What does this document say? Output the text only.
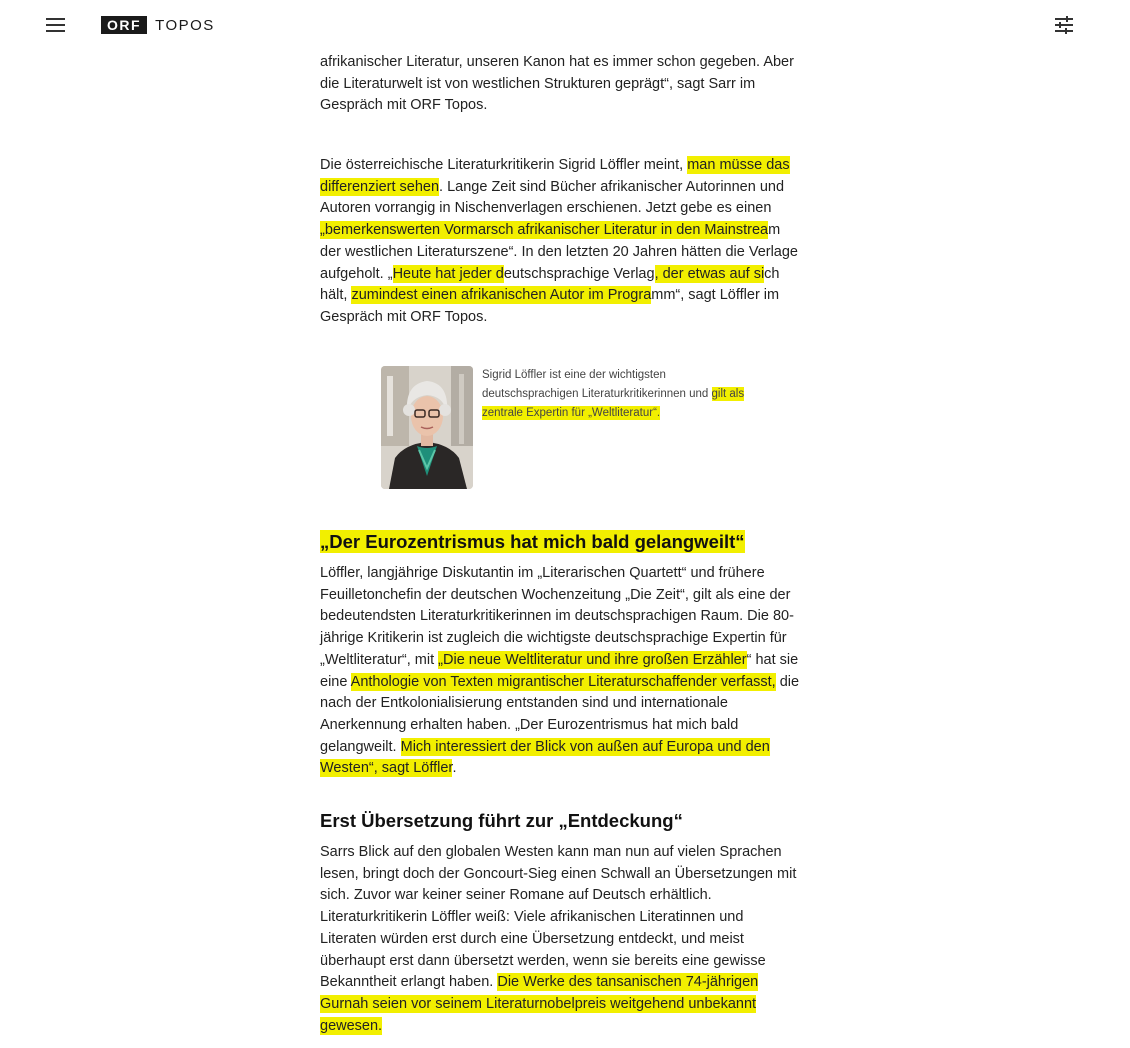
ORF TOPOS
afrikanischer Literatur, unseren Kanon hat es immer schon gegeben. Aber
die Literaturwelt ist von westlichen Strukturen geprägt“, sagt Sarr im Gespräch mit ORF Topos.

Die österreichische Literaturkritikerin Sigrid Löffler meint, man müsse das differenziert sehen. Lange Zeit sind Bücher afrikanischer Autorinnen und Autoren vorrangig in Nischenverlagen erschienen. Jetzt gebe es einen „bemerkenswerten Vormarsch afrikanischer Literatur in den Mainstream der westlichen Literaturszene“. In den letzten 20 Jahren hätten die Verlage aufgeholt. „Heute hat jeder deutschsprachige Verlag, der etwas auf sich hält, zumindest einen afrikanischen Autor im Programm“, sagt Löffler im Gespräch mit ORF Topos.

Sigrid Löffler ist eine der wichtigsten deutschsprachigen Literaturkritikerinnen und gilt als zentrale Expertin für „Weltliteratur“.

„Der Eurozentrismus hat mich bald gelangweilt“

Löffler, langjährige Diskutantin im „Literarischen Quartett“ und frühere Feuilletonchefin der deutschen Wochenzeitung „Die Zeit“, gilt als eine der bedeutendsten Literaturkritikerinnen im deutschsprachigen Raum. Die 80-jährige Kritikerin ist zugleich die wichtigste deutschsprachige Expertin für „Weltliteratur“, mit „Die neue Weltliteratur und ihre großen Erzähler“ hat sie eine Anthologie von Texten migrantischer Literaturschaffender verfasst, die nach der Entkolonialisierung entstanden sind und internationale Anerkennung erhalten haben. „Der Eurozentrismus hat mich bald gelangweilt. Mich interessiert der Blick von außen auf Europa und den Westen“, sagt Löffler.

Erst Übersetzung führt zur „Entdeckung“

Sarrs Blick auf den globalen Westen kann man nun auf vielen Sprachen lesen, bringt doch der Goncourt-Sieg einen Schwall an Übersetzungen mit sich. Zuvor war keiner seiner Romane auf Deutsch erhältlich. Literaturkritikerin Löffler weiß: Viele afrikanischen Literatinnen und Literaten würden erst durch eine Übersetzung entdeckt, und meist überhaupt erst dann übersetzt werden, wenn sie bereits eine gewisse Bekanntheit erlangt haben. Die Werke des tansanischen 74-jährigen Gurnah seien vor seinem Literaturnobelpreis weitgehend unbekannt gewesen.
